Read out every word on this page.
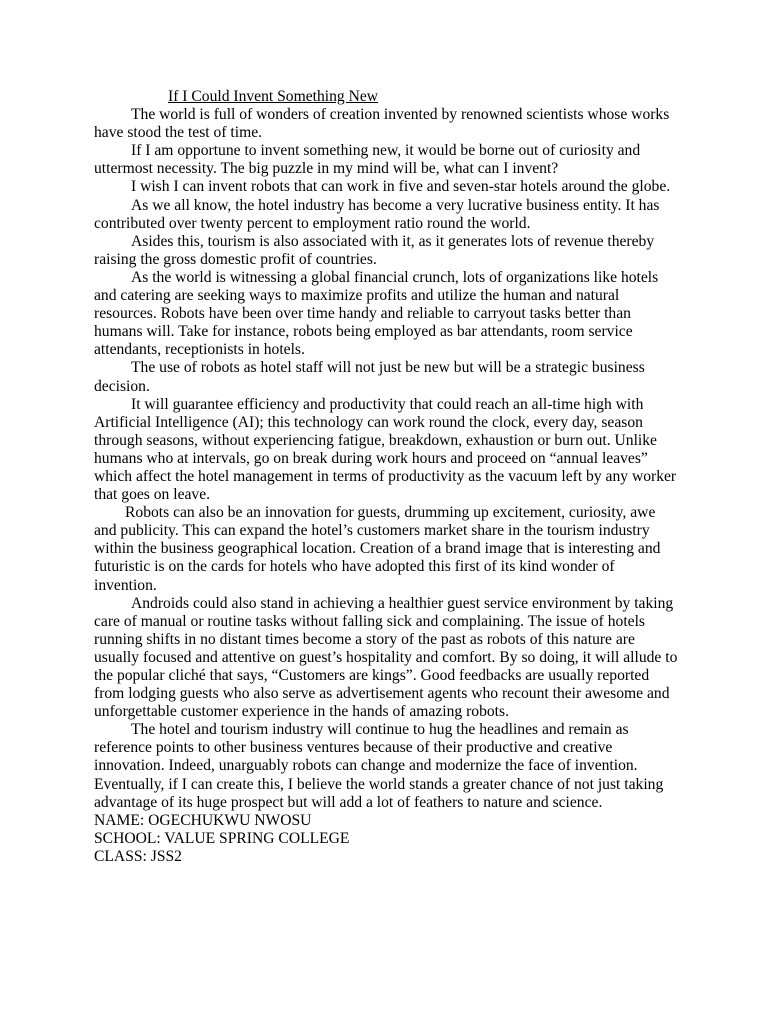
If I Could Invent Something New

The world is full of wonders of creation invented by renowned scientists whose works have stood the test of time.

If I am opportune to invent something new, it would be borne out of curiosity and uttermost necessity. The big puzzle in my mind will be, what can I invent?

I wish I can invent robots that can work in five and seven-star hotels around the globe.

As we all know, the hotel industry has become a very lucrative business entity. It has contributed over twenty percent to employment ratio round the world.

Asides this, tourism is also associated with it, as it generates lots of revenue thereby raising the gross domestic profit of countries.

As the world is witnessing a global financial crunch, lots of organizations like hotels and catering are seeking ways to maximize profits and utilize the human and natural resources. Robots have been over time handy and reliable to carryout tasks better than humans will. Take for instance, robots being employed as bar attendants, room service attendants, receptionists in hotels.

The use of robots as hotel staff will not just be new but will be a strategic business decision.

It will guarantee efficiency and productivity that could reach an all-time high with Artificial Intelligence (AI); this technology can work round the clock, every day, season through seasons, without experiencing fatigue, breakdown, exhaustion or burn out. Unlike humans who at intervals, go on break during work hours and proceed on “annual leaves” which affect the hotel management in terms of productivity as the vacuum left by any worker that goes on leave.

Robots can also be an innovation for guests, drumming up excitement, curiosity, awe and publicity. This can expand the hotel’s customers market share in the tourism industry within the business geographical location. Creation of a brand image that is interesting and futuristic is on the cards for hotels who have adopted this first of its kind wonder of invention.

Androids could also stand in achieving a healthier guest service environment by taking care of manual or routine tasks without falling sick and complaining. The issue of hotels running shifts in no distant times become a story of the past as robots of this nature are usually focused and attentive on guest’s hospitality and comfort. By so doing, it will allude to the popular cliché that says, “Customers are kings”. Good feedbacks are usually reported from lodging guests who also serve as advertisement agents who recount their awesome and unforgettable customer experience in the hands of amazing robots.

The hotel and tourism industry will continue to hug the headlines and remain as reference points to other business ventures because of their productive and creative innovation. Indeed, unarguably robots can change and modernize the face of invention. Eventually, if I can create this, I believe the world stands a greater chance of not just taking advantage of its huge prospect but will add a lot of feathers to nature and science.

NAME: OGECHUKWU NWOSU
SCHOOL: VALUE SPRING COLLEGE
CLASS: JSS2
